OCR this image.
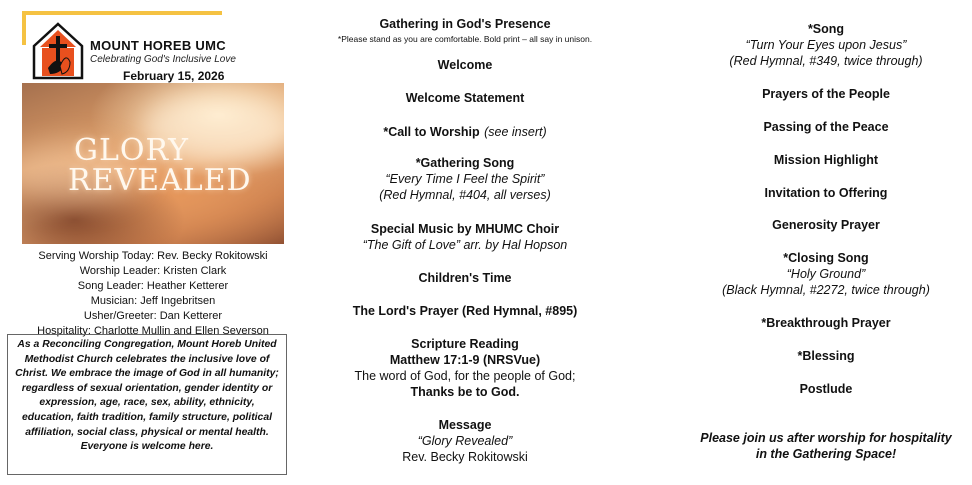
MOUNT HOREB UMC
Celebrating God's Inclusive Love
February 15, 2026
GLORY
REVEALED
Serving Worship Today: Rev. Becky Rokitowski
Worship Leader: Kristen Clark
Song Leader: Heather Ketterer
Musician: Jeff Ingebritsen
Usher/Greeter: Dan Ketterer
Hospitality: Charlotte Mullin and Ellen Severson
As a Reconciling Congregation, Mount Horeb United Methodist Church celebrates the inclusive love of Christ. We embrace the image of God in all humanity; regardless of sexual orientation, gender identity or expression, age, race, sex, ability, ethnicity, education, faith tradition, family structure, political affiliation, social class, physical or mental health. Everyone is welcome here.
Gathering in God's Presence
*Please stand as you are comfortable. Bold print – all say in unison.
Welcome
Welcome Statement
*Call to Worship (see insert)
*Gathering Song
“Every Time I Feel the Spirit”
(Red Hymnal, #404, all verses)
Special Music by MHUMC Choir
“The Gift of Love” arr. by Hal Hopson
Children's Time
The Lord's Prayer (Red Hymnal, #895)
Scripture Reading
Matthew 17:1-9 (NRSVue)
The word of God, for the people of God;
Thanks be to God.
Message
“Glory Revealed”
Rev. Becky Rokitowski
*Song
“Turn Your Eyes upon Jesus”
(Red Hymnal, #349, twice through)
Prayers of the People
Passing of the Peace
Mission Highlight
Invitation to Offering
Generosity Prayer
*Closing Song
“Holy Ground”
(Black Hymnal, #2272, twice through)
*Breakthrough Prayer
*Blessing
Postlude
Please join us after worship for hospitality
in the Gathering Space!
